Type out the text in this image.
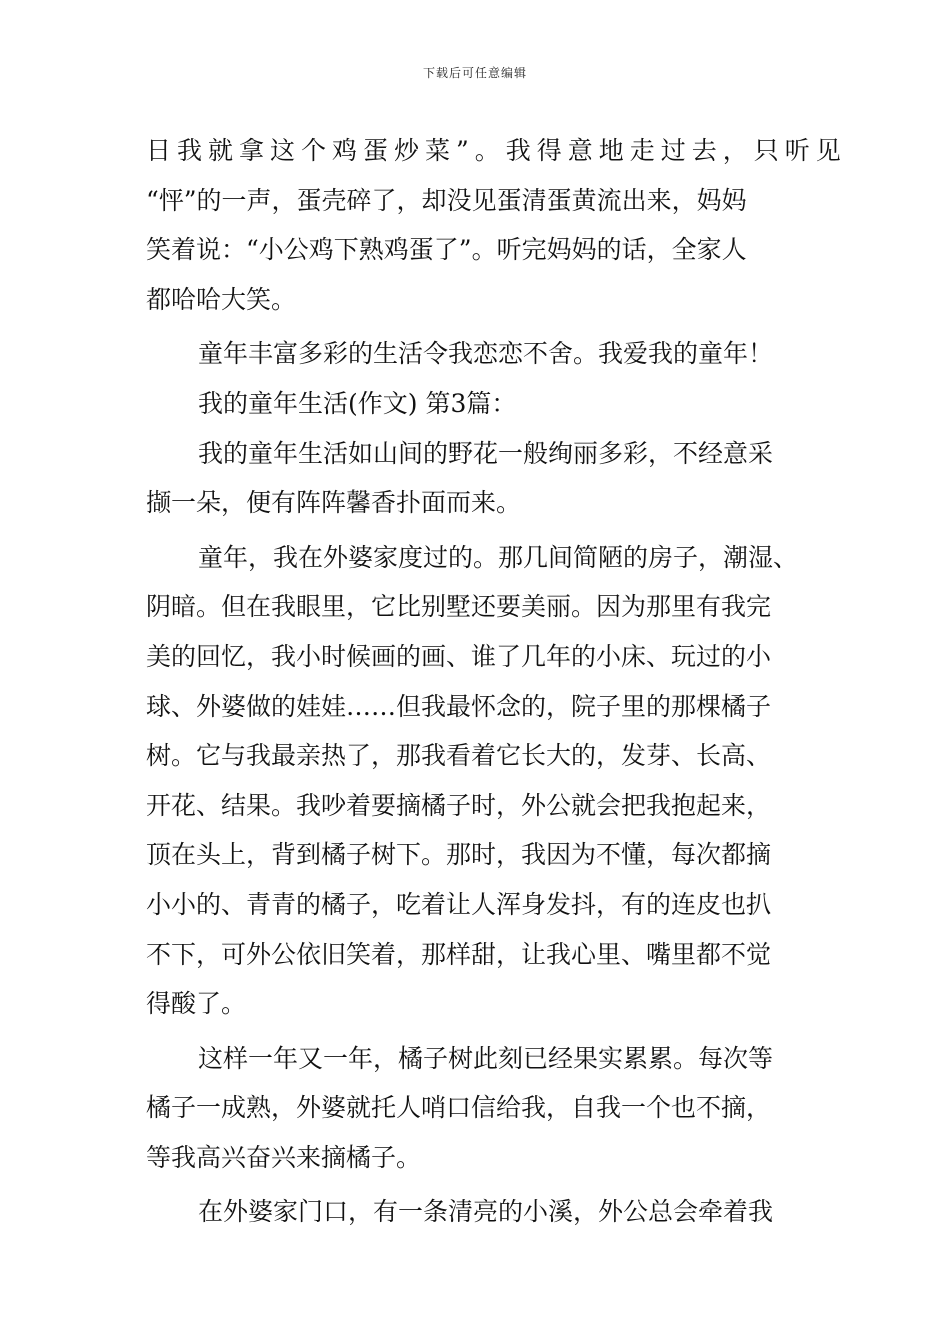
下载后可任意编辑
日我就拿这个鸡蛋炒菜”。我得意地走过去，只听见
“怦”的一声，蛋壳碎了，却没见蛋清蛋黄流出来，妈妈
笑着说：“小公鸡下熟鸡蛋了”。听完妈妈的话，全家人
都哈哈大笑。
童年丰富多彩的生活令我恋恋不舍。我爱我的童年！
我的童年生活(作文) 第3篇：
我的童年生活如山间的野花一般绚丽多彩，不经意采
撷一朵，便有阵阵馨香扑面而来。
童年，我在外婆家度过的。那几间简陋的房子，潮湿、
阴暗。但在我眼里，它比别墅还要美丽。因为那里有我完
美的回忆，我小时候画的画、谁了几年的小床、玩过的小
球、外婆做的娃娃……但我最怀念的，院子里的那棵橘子
树。它与我最亲热了，那我看着它长大的，发芽、长高、
开花、结果。我吵着要摘橘子时，外公就会把我抱起来，
顶在头上，背到橘子树下。那时，我因为不懂，每次都摘
小小的、青青的橘子，吃着让人浑身发抖，有的连皮也扒
不下，可外公依旧笑着，那样甜，让我心里、嘴里都不觉
得酸了。
这样一年又一年，橘子树此刻已经果实累累。每次等
橘子一成熟，外婆就托人哨口信给我，自我一个也不摘，
等我高兴奋兴来摘橘子。
在外婆家门口，有一条清亮的小溪，外公总会牵着我
